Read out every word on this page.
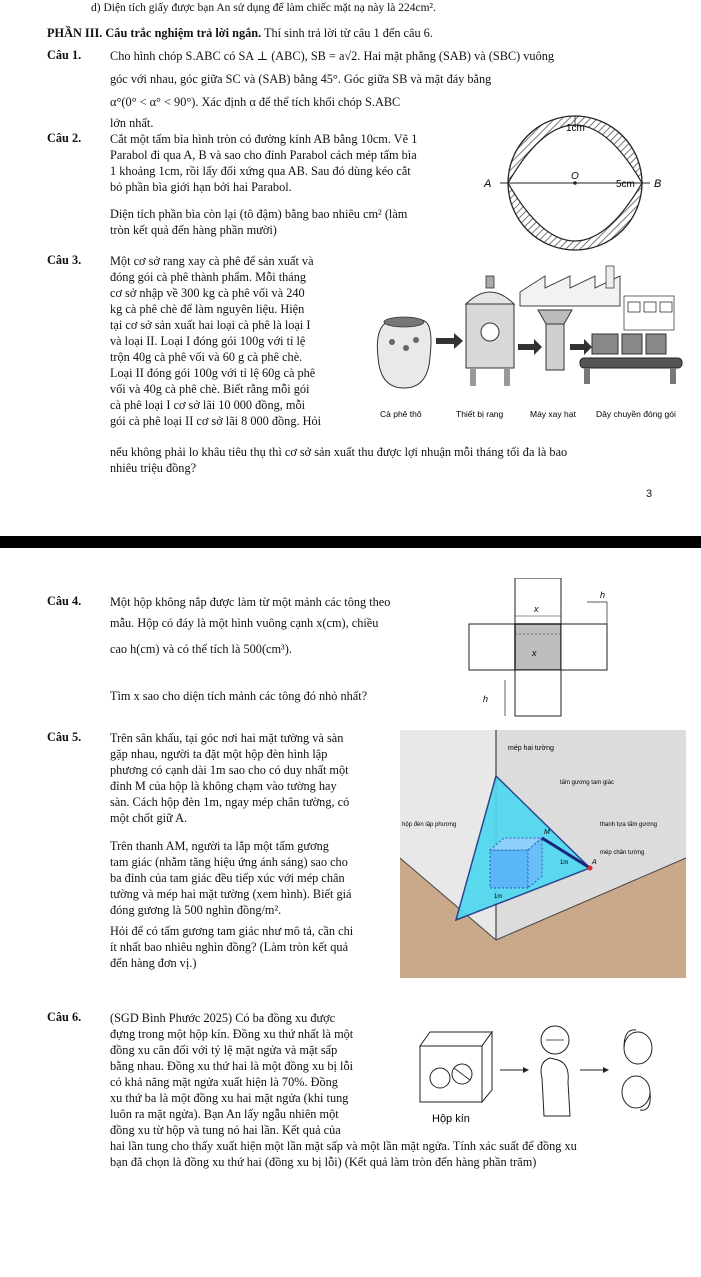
d) Diện tích giấy được bạn An sử dụng để làm chiếc mặt nạ này là 224cm².
PHẦN III. Câu trắc nghiệm trả lời ngắn. Thí sinh trả lời từ câu 1 đến câu 6.
Câu 1. Cho hình chóp S.ABC có SA ⊥ (ABC), SB = a√2. Hai mặt phẳng (SAB) và (SBC) vuông
góc với nhau, góc giữa SC và (SAB) bằng 45°. Góc giữa SB và mặt đáy bằng
α°(0° < α° < 90°). Xác định α để thể tích khối chóp S.ABC
lớn nhất.
Câu 2. Cắt một tấm bìa hình tròn có đường kính AB bằng 10cm. Vẽ 1
Parabol đi qua A, B và sao cho đỉnh Parabol cách mép tấm bìa
1 khoảng 1cm, rồi lấy đối xứng qua AB. Sau đó dùng kéo cắt
bỏ phần bìa giới hạn bởi hai Parabol.
Diện tích phần bìa còn lại (tô đậm) bằng bao nhiêu cm² (làm
tròn kết quả đến hàng phần mười)
1cm
A
O
5cm B
Câu 3. Một cơ sở rang xay cà phê để sản xuất và
đóng gói cà phê thành phẩm. Mỗi tháng
cơ sở nhập về 300 kg cà phê vối và 240
kg cà phê chè để làm nguyên liệu. Hiện
tại cơ sở sản xuất hai loại cà phê là loại I
và loại II. Loại I đóng gói 100g với tỉ lệ
trộn 40g cà phê vối và 60 g cà phê chè.
Loại II đóng gói 100g với tỉ lệ 60g cà phê
vối và 40g cà phê chè. Biết rằng mỗi gói
cà phê loại I cơ sở lãi 10 000 đồng, mỗi
gói cà phê loại II cơ sở lãi 8 000 đồng. Hỏi
nếu không phải lo khâu tiêu thụ thì cơ sở sản xuất thu được lợi nhuận mỗi tháng tối đa là bao
nhiêu triệu đồng?
Cà phê thô	Thiết bị rang	Máy xay hạt Dây chuyền đóng gói
3
Câu 4. Một hộp không nắp được làm từ một mảnh các tông theo
mẫu. Hộp có đáy là một hình vuông cạnh x(cm), chiều
cao h(cm) và có thể tích là 500(cm³).
Tìm x sao cho diện tích mảnh các tông đó nhỏ nhất?
h
x
x
h
Câu 5. Trên sân khấu, tại góc nơi hai mặt tường và sàn
gặp nhau, người ta đặt một hộp đèn hình lập
phương có cạnh dài 1m sao cho có duy nhất một
đỉnh M của hộp là không chạm vào tường hay
sàn. Cách hộp đèn 1m, ngay mép chân tường, có
một chốt giữ A.
Trên thanh AM, người ta lắp một tấm gương
tam giác (nhằm tăng hiệu ứng ánh sáng) sao cho
ba đỉnh của tam giác đều tiếp xúc với mép chân
tường và mép hai mặt tường (xem hình). Biết giá
đóng gương là 500 nghìn đồng/m².
Hỏi để có tấm gương tam giác như mô tả, cần chi
ít nhất bao nhiêu nghìn đồng? (Làm tròn kết quả
đến hàng đơn vị.)
mép hai tường
tấm gương tam giác
hộp đèn lập phương	thanh tựa tấm gương
mép chân tường
M
1m
1m	A
Câu 6. (SGD Bình Phước 2025) Có ba đồng xu được
đựng trong một hộp kín. Đồng xu thứ nhất là một
đồng xu cân đối với tỷ lệ mặt ngửa và mặt sấp
bằng nhau. Đồng xu thứ hai là một đồng xu bị lỗi
có khả năng mặt ngửa xuất hiện là 70%. Đồng
xu thứ ba là một đồng xu hai mặt ngửa (khi tung
luôn ra mặt ngửa). Bạn An lấy ngẫu nhiên một
đồng xu từ hộp và tung nó hai lần. Kết quả của
hai lần tung cho thấy xuất hiện một lần mặt sấp và một lần mặt ngửa. Tính xác suất để đồng xu
bạn đã chọn là đồng xu thứ hai (đồng xu bị lỗi) (Kết quả làm tròn đến hàng phần trăm)
Hộp kín
